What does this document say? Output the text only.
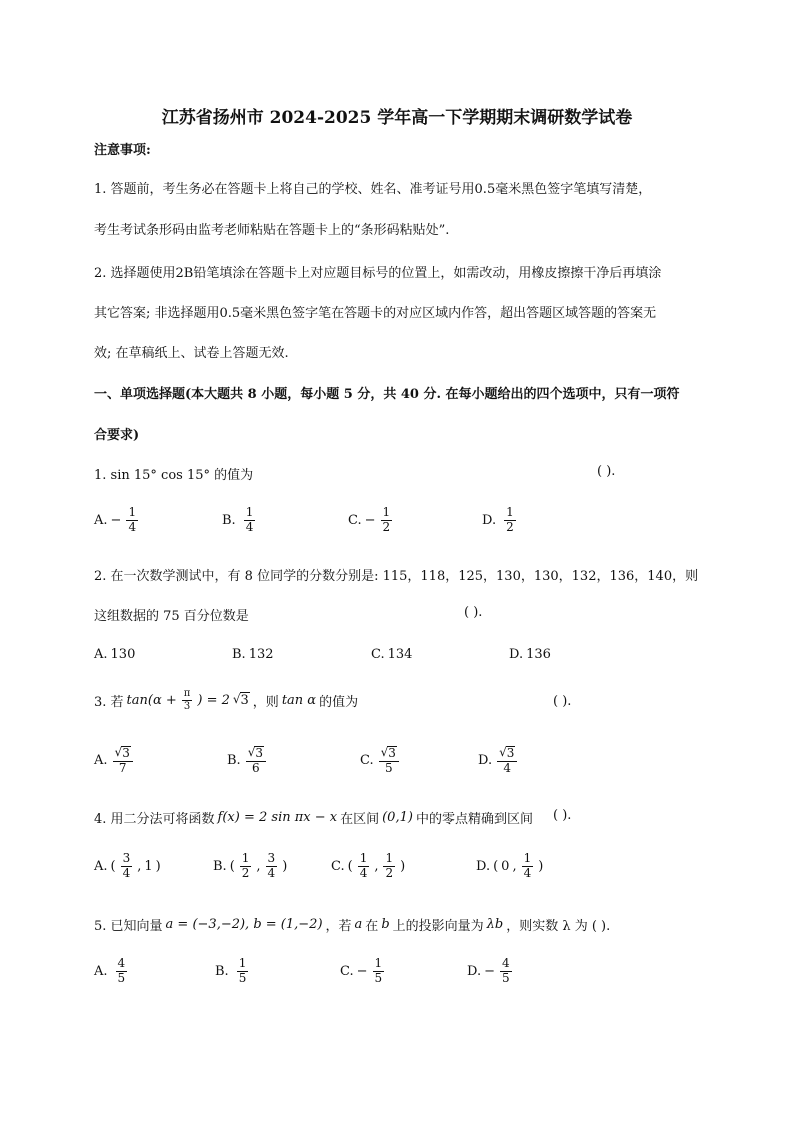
江苏省扬州市 2024-2025 学年高一下学期期末调研数学试卷
注意事项:
1. 答题前，考生务必在答题卡上将自己的学校、姓名、准考证号用0.5毫米黑色签字笔填写清楚，
考生考试条形码由监考老师粘贴在答题卡上的“条形码粘贴处”.
2. 选择题使用2B铅笔填涂在答题卡上对应题目标号的位置上，如需改动，用橡皮擦擦干净后再填涂
其它答案; 非选择题用0.5毫米黑色签字笔在答题卡的对应区域内作答，超出答题区域答题的答案无
效; 在草稿纸上、试卷上答题无效.
一、单项选择题(本大题共 8 小题，每小题 5 分，共 40 分. 在每小题给出的四个选项中，只有一项符
合要求)
1. sin 15° cos 15° 的值为	( ).
A. − $\frac{1}{4}$	B. $\frac{1}{4}$	C. − $\frac{1}{2}$	D. $\frac{1}{2}$
2. 在一次数学测试中，有 8 位同学的分数分别是: 115，118，125，130，130，132，136，140，则
这组数据的 75 百分位数是	( ).
A. 130	B. 132	C. 134	D. 136
3. 若 $\tan(\alpha + \frac{\pi}{3}$ ) = 2 √ 3 ，则 tan α 的值为	( ).
A. $\frac{√ 3}{7}$	B. $\frac{√ 3}{6}$	C. $\frac{√ 3}{5}$	D. $\frac{√ 3}{4}$
4. 用二分法可将函数 f(x) = 2 sin πx − x 在区间 (0,1) 中的零点精确到区间 ( ).
A. ( $\frac{3}{4}$ , 1 )	B. ( $\frac{1}{2}$ , $\frac{3}{4}$ )	C. ( $\frac{1}{4}$ , $\frac{1}{2}$ )	D. ( 0 , $\frac{1}{4}$ )
5. 已知向量 a = (−3,−2), b = (1,−2) ，若 a 在 b 上的投影向量为 λb ，则实数 λ 为 ( ).
A. $\frac{4}{5}$	B. $\frac{1}{5}$	C. − $\frac{1}{5}$	D. − $\frac{4}{5}$
